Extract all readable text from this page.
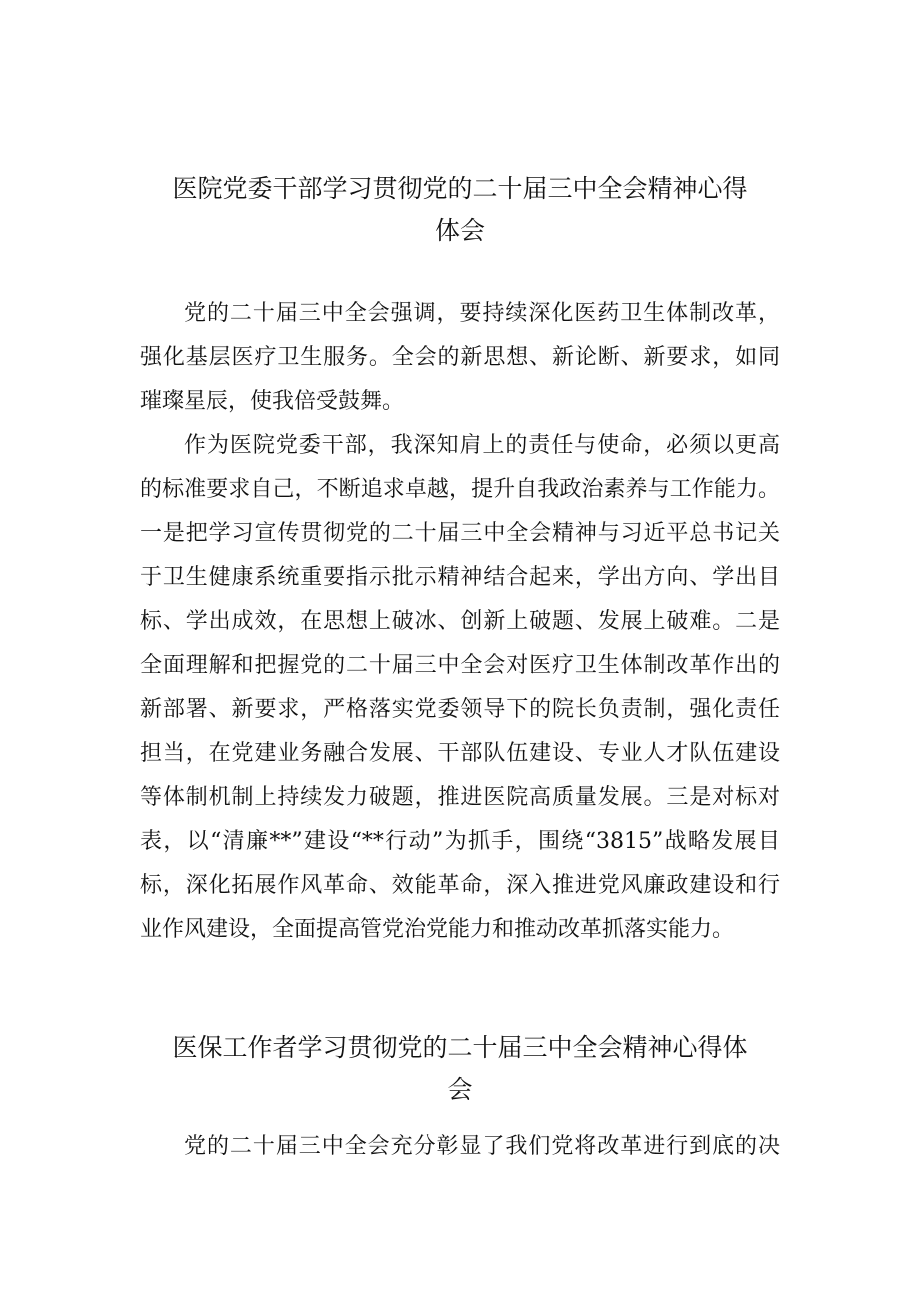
医院党委干部学习贯彻党的二十届三中全会精神心得
体会
党的二十届三中全会强调，要持续深化医药卫生体制改革，
强化基层医疗卫生服务。全会的新思想、新论断、新要求，如同
璀璨星辰，使我倍受鼓舞。
作为医院党委干部，我深知肩上的责任与使命，必须以更高
的标准要求自己，不断追求卓越，提升自我政治素养与工作能力。
一是把学习宣传贯彻党的二十届三中全会精神与习近平总书记关
于卫生健康系统重要指示批示精神结合起来，学出方向、学出目
标、学出成效，在思想上破冰、创新上破题、发展上破难。二是
全面理解和把握党的二十届三中全会对医疗卫生体制改革作出的
新部署、新要求，严格落实党委领导下的院长负责制，强化责任
担当，在党建业务融合发展、干部队伍建设、专业人才队伍建设
等体制机制上持续发力破题，推进医院高质量发展。三是对标对
表，以“清廉**”建设“**行动”为抓手，围绕“3815”战略发展目
标，深化拓展作风革命、效能革命，深入推进党风廉政建设和行
业作风建设，全面提高管党治党能力和推动改革抓落实能力。
医保工作者学习贯彻党的二十届三中全会精神心得体
会
党的二十届三中全会充分彰显了我们党将改革进行到底的决
